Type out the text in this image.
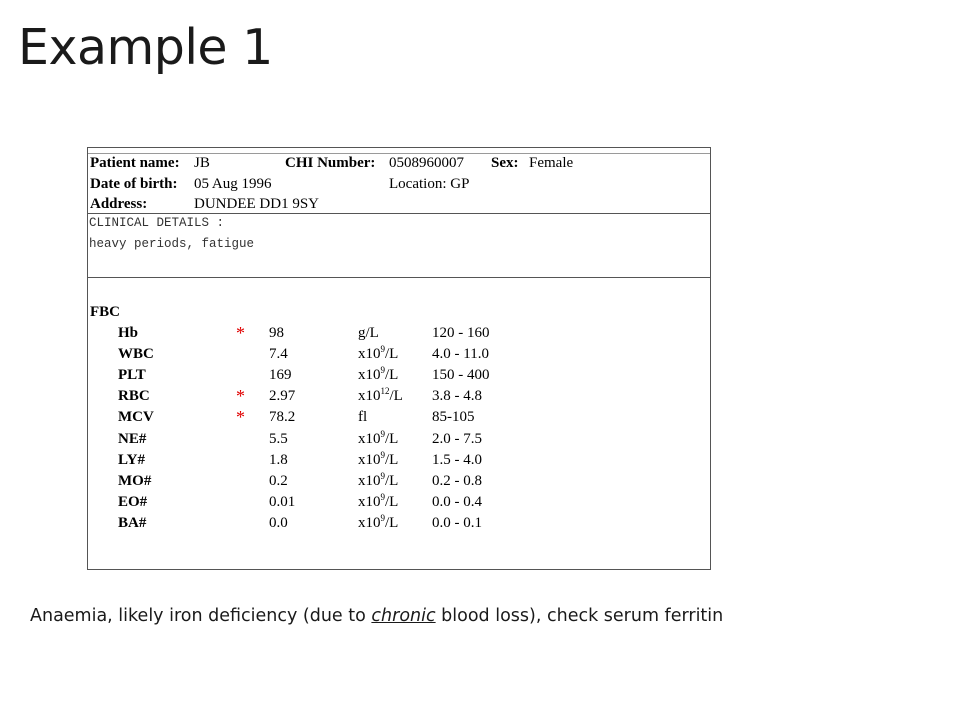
Example 1
Patient name: JB	CHI Number: 0508960007 Sex: Female
Date of birth: 05 Aug 1996	Location: GP
Address:	DUNDEE DD1 9SY
CLINICAL DETAILS :
heavy periods, fatigue
FBC
Hb	* 98	g/L	120 - 160
WBC	7.4	$x10^9/L$ 4.0 - 11.0
PLT	169	$x10^9/L$ 150 - 400
RBC	* 2.97	$x10^{12}/L$ 3.8 - 4.8
MCV	* 78.2	fl	85-105
NE#	5.5	$x10^9/L$ 2.0 - 7.5
LY#	1.8	$x10^9/L$ 1.5 - 4.0
MO#	0.2	$x10^9/L$ 0.2 - 0.8
EO#	0.01	$x10^9/L$ 0.0 - 0.4
BA#	0.0	$x10^9/L$ 0.0 - 0.1
Anaemia, likely iron deficiency (due to chronic blood loss), check serum ferritin
